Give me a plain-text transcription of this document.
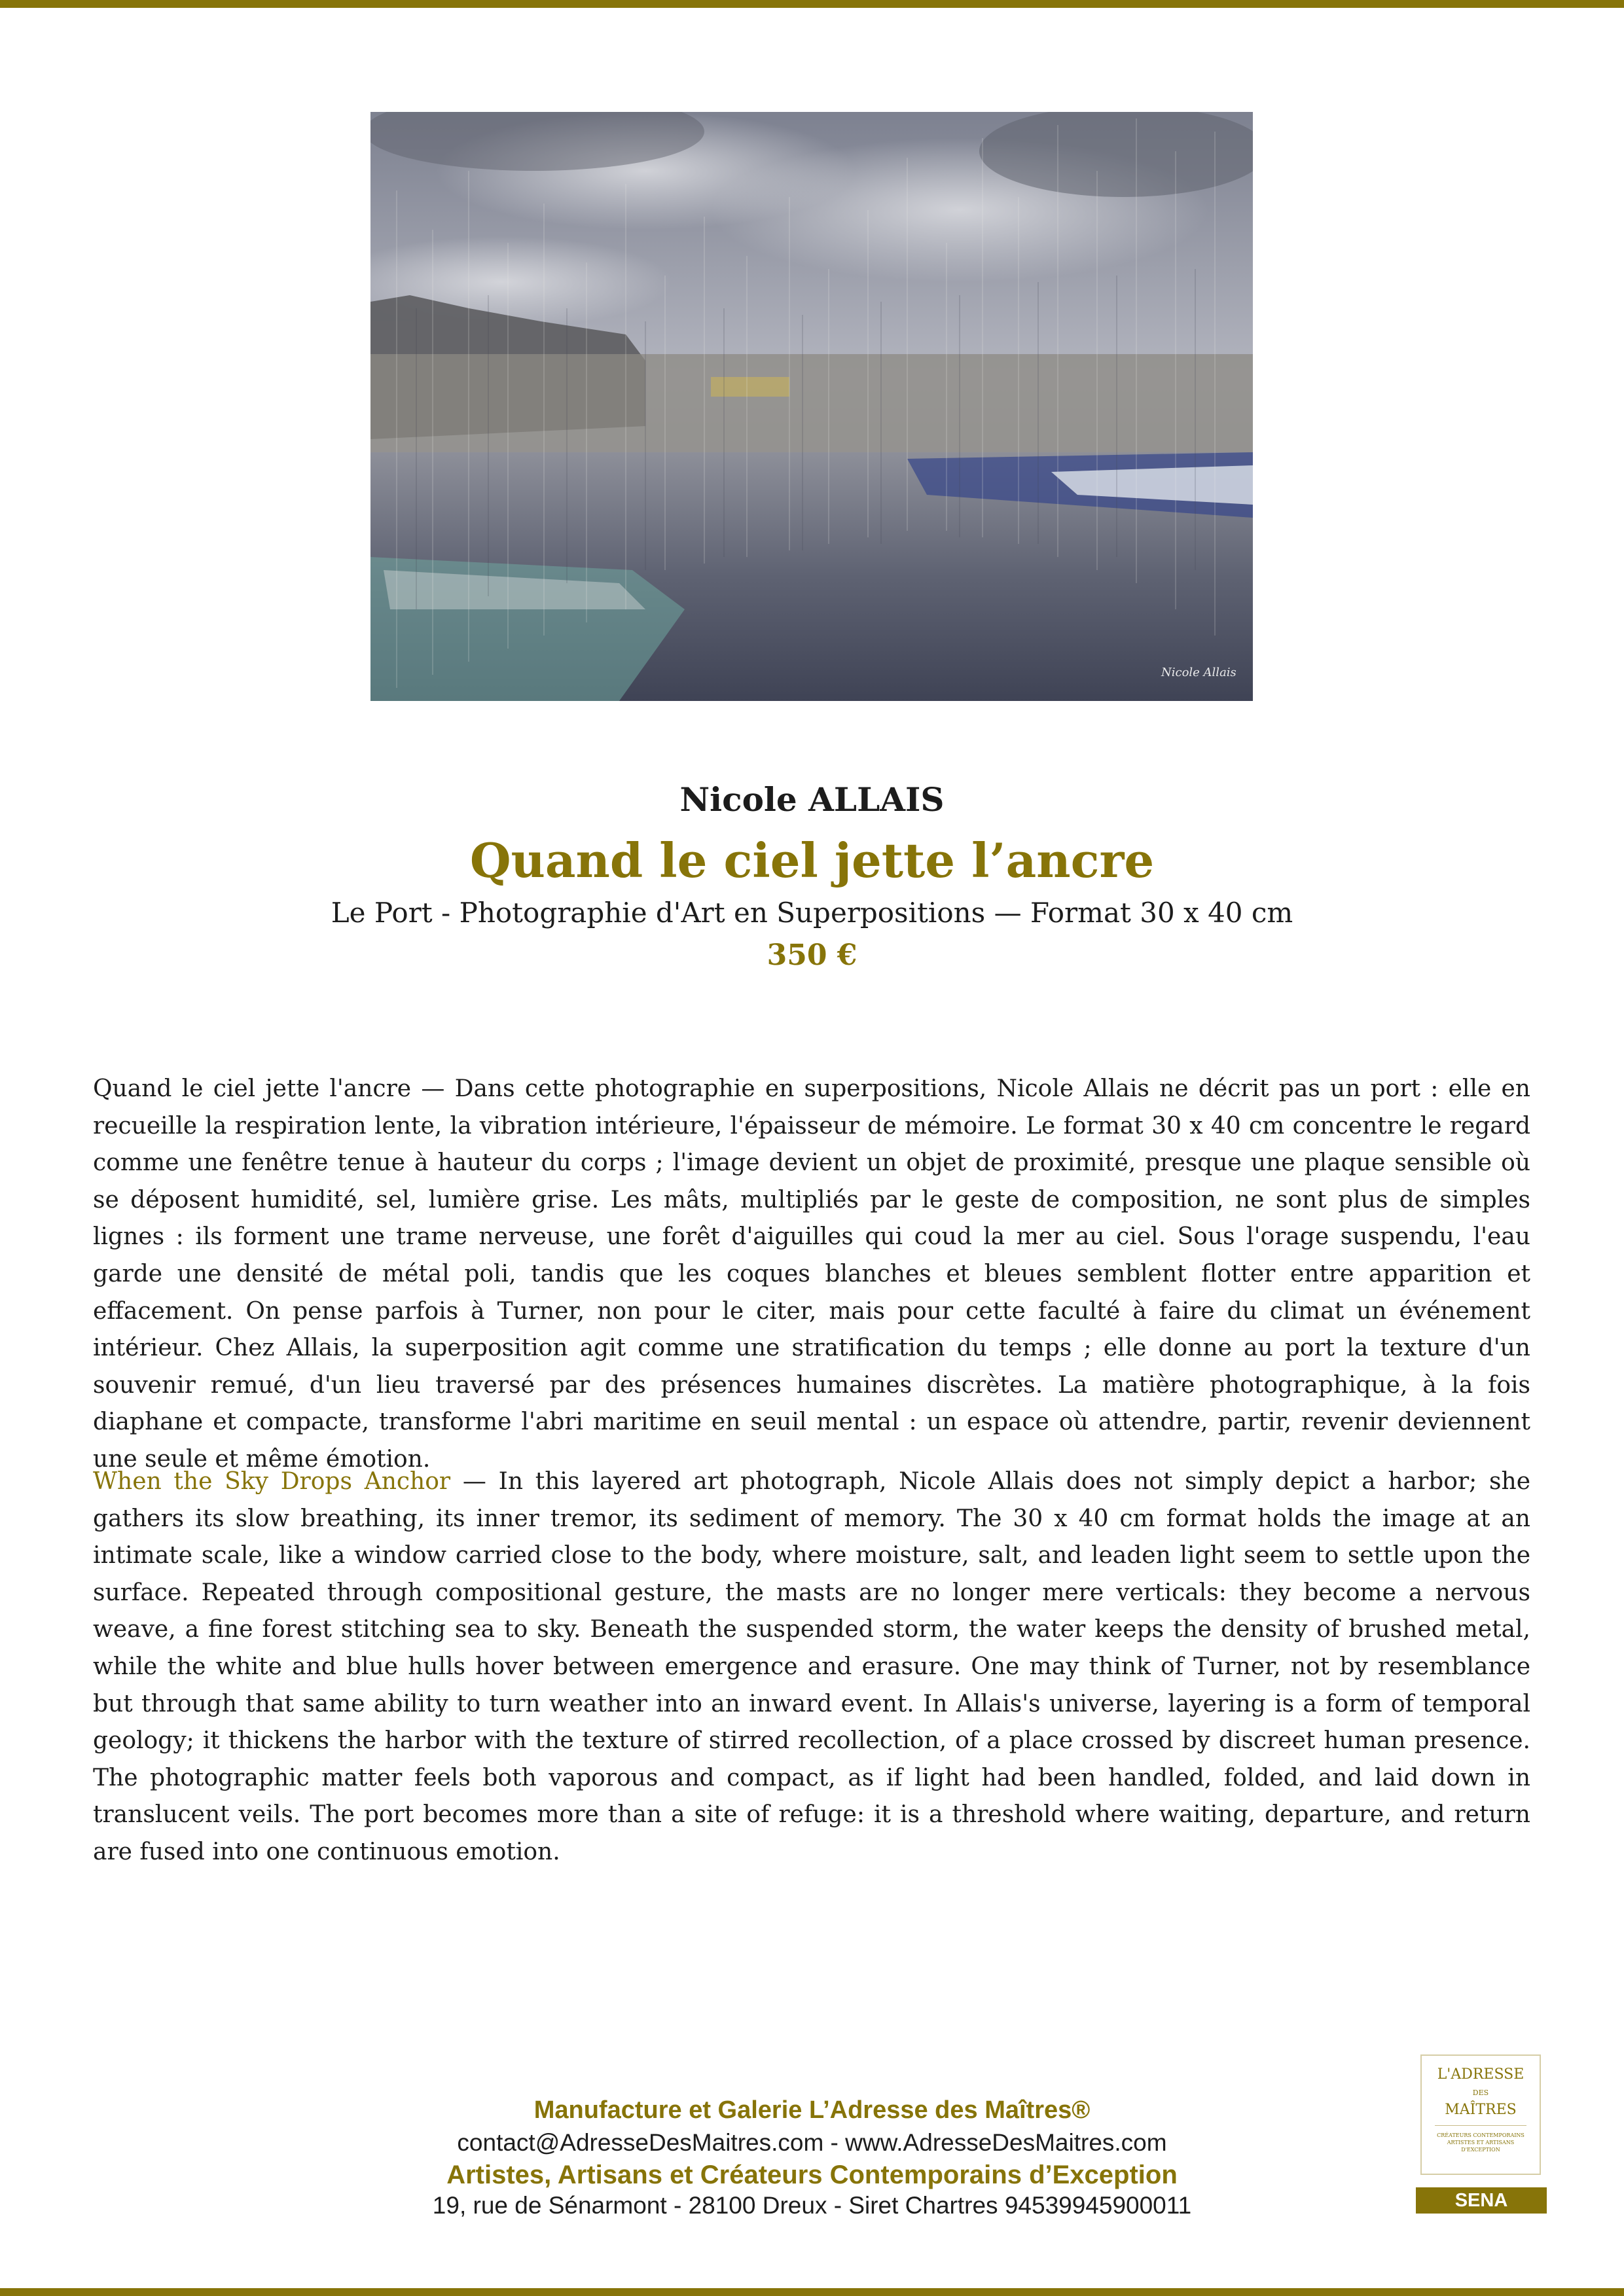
Nicole Allais
Nicole ALLAIS
Quand le ciel jette l’ancre
Le Port - Photographie d'Art en Superpositions — Format 30 x 40 cm
350 €

Quand le ciel jette l'ancre — Dans cette photographie en superpositions, Nicole Allais ne décrit pas un port : elle en recueille la respiration lente, la vibration intérieure, l'épaisseur de mémoire. Le format 30 x 40 cm concentre le regard comme une fenêtre tenue à hauteur du corps ; l'image devient un objet de proximité, presque une plaque sensible où se déposent humidité, sel, lumière grise. Les mâts, multipliés par le geste de composition, ne sont plus de simples lignes : ils forment une trame nerveuse, une forêt d'aiguilles qui coud la mer au ciel. Sous l'orage suspendu, l'eau garde une densité de métal poli, tandis que les coques blanches et bleues semblent flotter entre apparition et effacement. On pense parfois à Turner, non pour le citer, mais pour cette faculté à faire du climat un événement intérieur. Chez Allais, la superposition agit comme une stratification du temps ; elle donne au port la texture d'un souvenir remué, d'un lieu traversé par des présences humaines discrètes. La matière photographique, à la fois diaphane et compacte, transforme l'abri maritime en seuil mental : un espace où attendre, partir, revenir deviennent une seule et même émotion.

When the Sky Drops Anchor — In this layered art photograph, Nicole Allais does not simply depict a harbor; she gathers its slow breathing, its inner tremor, its sediment of memory. The 30 x 40 cm format holds the image at an intimate scale, like a window carried close to the body, where moisture, salt, and leaden light seem to settle upon the surface. Repeated through compositional gesture, the masts are no longer mere verticals: they become a nervous weave, a fine forest stitching sea to sky. Beneath the suspended storm, the water keeps the density of brushed metal, while the white and blue hulls hover between emergence and erasure. One may think of Turner, not by resemblance but through that same ability to turn weather into an inward event. In Allais's universe, layering is a form of temporal geology; it thickens the harbor with the texture of stirred recollection, of a place crossed by discreet human presence. The photographic matter feels both vaporous and compact, as if light had been handled, folded, and laid down in translucent veils. The port becomes more than a site of refuge: it is a threshold where waiting, departure, and return are fused into one continuous emotion.

Manufacture et Galerie L’Adresse des Maîtres®
contact@AdresseDesMaitres.com - www.AdresseDesMaitres.com
Artistes, Artisans et Créateurs Contemporains d’Exception
19, rue de Sénarmont - 28100 Dreux - Siret Chartres 94539945900011
L'ADRESSE
DES
MAÎTRES
CRÉATEURS CONTEMPORAINS ARTISTES ET ARTISANS D'EXCEPTION
SENA
